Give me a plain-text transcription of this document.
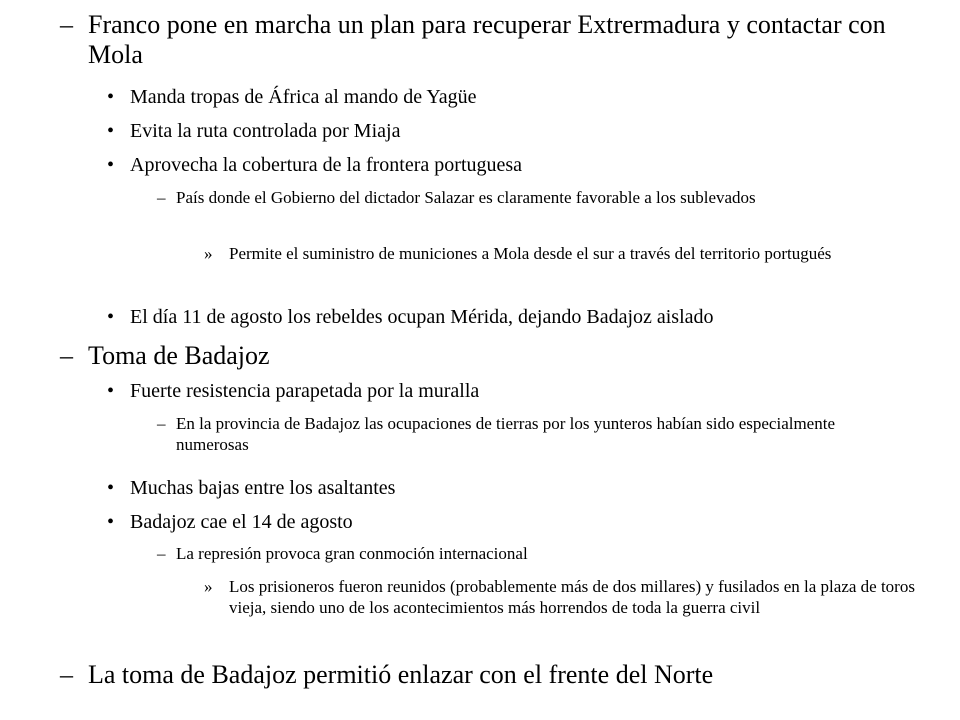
– Franco pone en marcha un plan para recuperar Extrermadura y contactar con Mola
• Manda tropas de África al mando de Yagüe
• Evita la ruta controlada por Miaja
• Aprovecha la cobertura de la frontera portuguesa
– País donde el Gobierno del dictador Salazar es claramente favorable a los sublevados
» Permite el suministro de municiones a Mola desde el sur a través del territorio portugués
• El día 11 de agosto los rebeldes ocupan Mérida, dejando Badajoz aislado
– Toma de Badajoz
• Fuerte resistencia parapetada por la muralla
– En la provincia de Badajoz las ocupaciones de tierras por los yunteros habían sido especialmente numerosas
• Muchas bajas entre los asaltantes
• Badajoz cae el 14 de agosto
– La represión provoca gran conmoción internacional
» Los prisioneros fueron reunidos (probablemente más de dos millares) y fusilados en la plaza de toros vieja, siendo uno de los acontecimientos más horrendos de toda la guerra civil
– La toma de Badajoz permitió enlazar con el frente del Norte
